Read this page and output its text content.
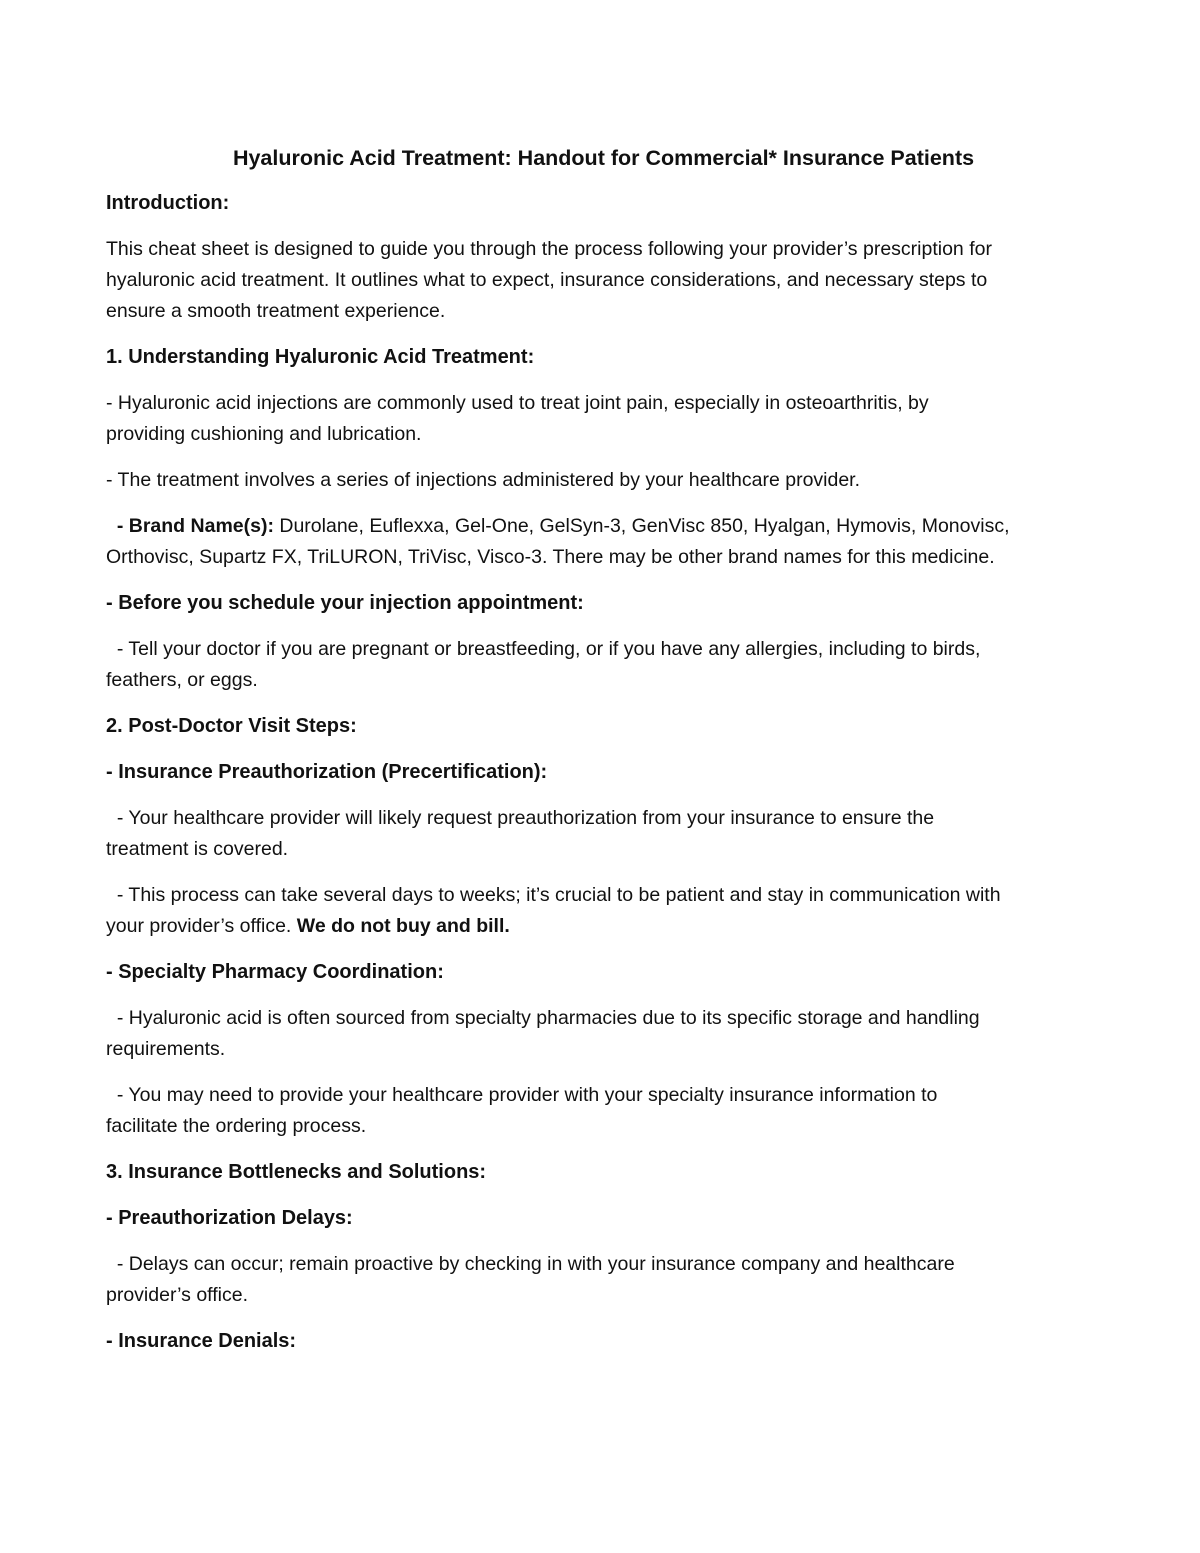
Hyaluronic Acid Treatment: Handout for Commercial* Insurance Patients
Introduction:
This cheat sheet is designed to guide you through the process following your provider’s prescription for
hyaluronic acid treatment. It outlines what to expect, insurance considerations, and necessary steps to
ensure a smooth treatment experience.
1. Understanding Hyaluronic Acid Treatment:
- Hyaluronic acid injections are commonly used to treat joint pain, especially in osteoarthritis, by
providing cushioning and lubrication.
- The treatment involves a series of injections administered by your healthcare provider.
- Brand Name(s): Durolane, Euflexxa, Gel-One, GelSyn-3, GenVisc 850, Hyalgan, Hymovis, Monovisc,
Orthovisc, Supartz FX, TriLURON, TriVisc, Visco-3. There may be other brand names for this medicine.
- Before you schedule your injection appointment:
- Tell your doctor if you are pregnant or breastfeeding, or if you have any allergies, including to birds,
feathers, or eggs.
2. Post-Doctor Visit Steps:
- Insurance Preauthorization (Precertification):
- Your healthcare provider will likely request preauthorization from your insurance to ensure the
treatment is covered.
- This process can take several days to weeks; it’s crucial to be patient and stay in communication with
your provider’s office. We do not buy and bill.
- Specialty Pharmacy Coordination:
- Hyaluronic acid is often sourced from specialty pharmacies due to its specific storage and handling
requirements.
- You may need to provide your healthcare provider with your specialty insurance information to
facilitate the ordering process.
3. Insurance Bottlenecks and Solutions:
- Preauthorization Delays:
- Delays can occur; remain proactive by checking in with your insurance company and healthcare
provider’s office.
- Insurance Denials:
